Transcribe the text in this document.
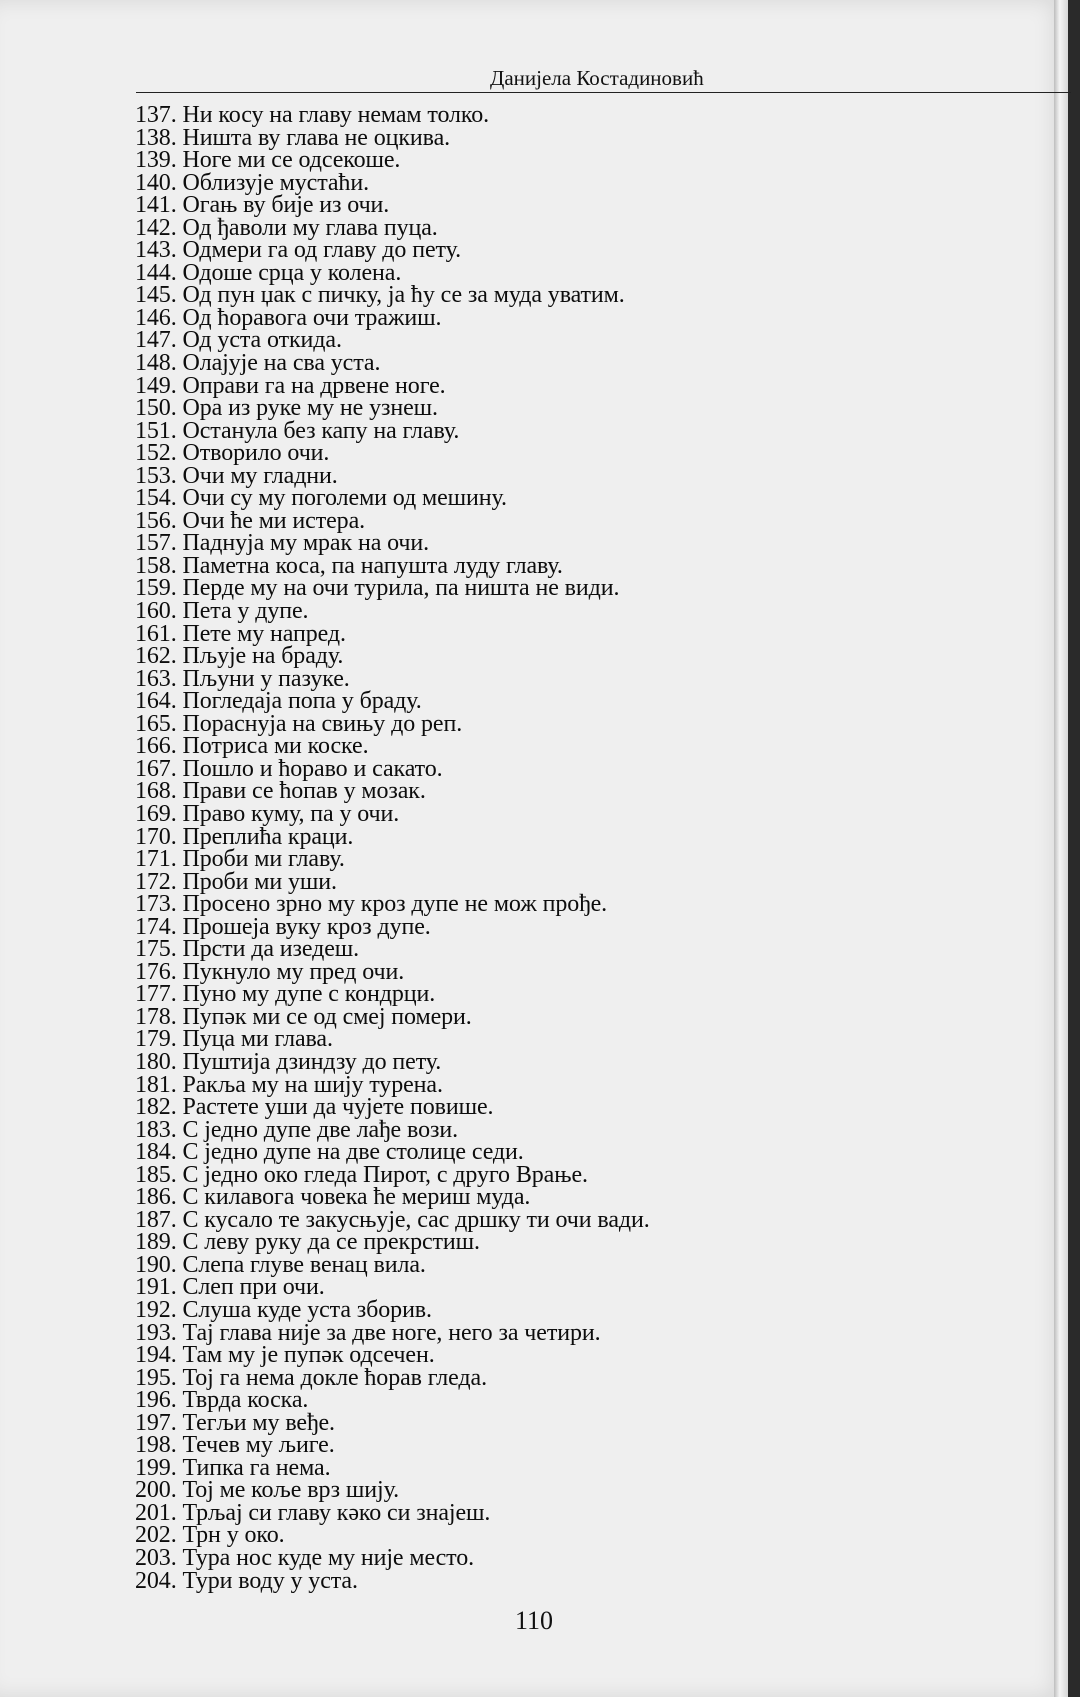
Данијела Костадиновић
137. Ни косу на главу немам толко.
138. Ништа ву глава не оцкива.
139. Ноге ми се одсекоше.
140. Облизује мустаћи.
141. Огањ ву бије из очи.
142. Од ђаволи му глава пуца.
143. Одмери га од главу до пету.
144. Одоше срца у колена.
145. Од пун џак с пичку, ја ћу се за муда уватим.
146. Од ћоравога очи тражиш.
147. Од уста откида.
148. Олајује на сва уста.
149. Оправи га на дрвене ноге.
150. Ора из руке му не узнеш.
151. Останула без капу на главу.
152. Отворило очи.
153. Очи му гладни.
154. Очи су му поголеми од мешину.
156. Очи ће ми истера.
157. Паднуја му мрак на очи.
158. Паметна коса, па напушта луду главу.
159. Перде му на очи турила, па ништа не види.
160. Пета у дупе.
161. Пете му напред.
162. Пљује на браду.
163. Пљуни у пазуке.
164. Погледаја попа у браду.
165. Пораснуја на свињу до реп.
166. Потриса ми коске.
167. Пошло и ћораво и сакато.
168. Прави се ћопав у мозак.
169. Право куму, па у очи.
170. Преплића краци.
171. Проби ми главу.
172. Проби ми уши.
173. Просено зрно му кроз дупе не мож прође.
174. Прошеја вуку кроз дупе.
175. Прсти да изедеш.
176. Пукнуло му пред очи.
177. Пуно му дупе с кондрци.
178. Пупәк ми се од смеј помери.
179. Пуца ми глава.
180. Пуштија дзиндзу до пету.
181. Ракља му на шију турена.
182. Растете уши да чујете повише.
183. С једно дупе две лађе вози.
184. С једно дупе на две столице седи.
185. С једно око гледа Пирот, с друго Врање.
186. С килавога човека ће мериш муда.
187. С кусало те закусњује, сас дршку ти очи вади.
189. С леву руку да се прекрстиш.
190. Слепа глуве венац вила.
191. Слеп при очи.
192. Слуша куде уста зборив.
193. Тај глава није за две ноге, него за четири.
194. Там му је пупәк одсечен.
195. Тој га нема докле ћорав гледа.
196. Тврда коска.
197. Тегљи му веђе.
198. Течев му љиге.
199. Типка га нема.
200. Тој ме коље врз шију.
201. Трљај си главу кәко си знајеш.
202. Трн у око.
203. Тура нос куде му није место.
204. Тури воду у уста.
110
